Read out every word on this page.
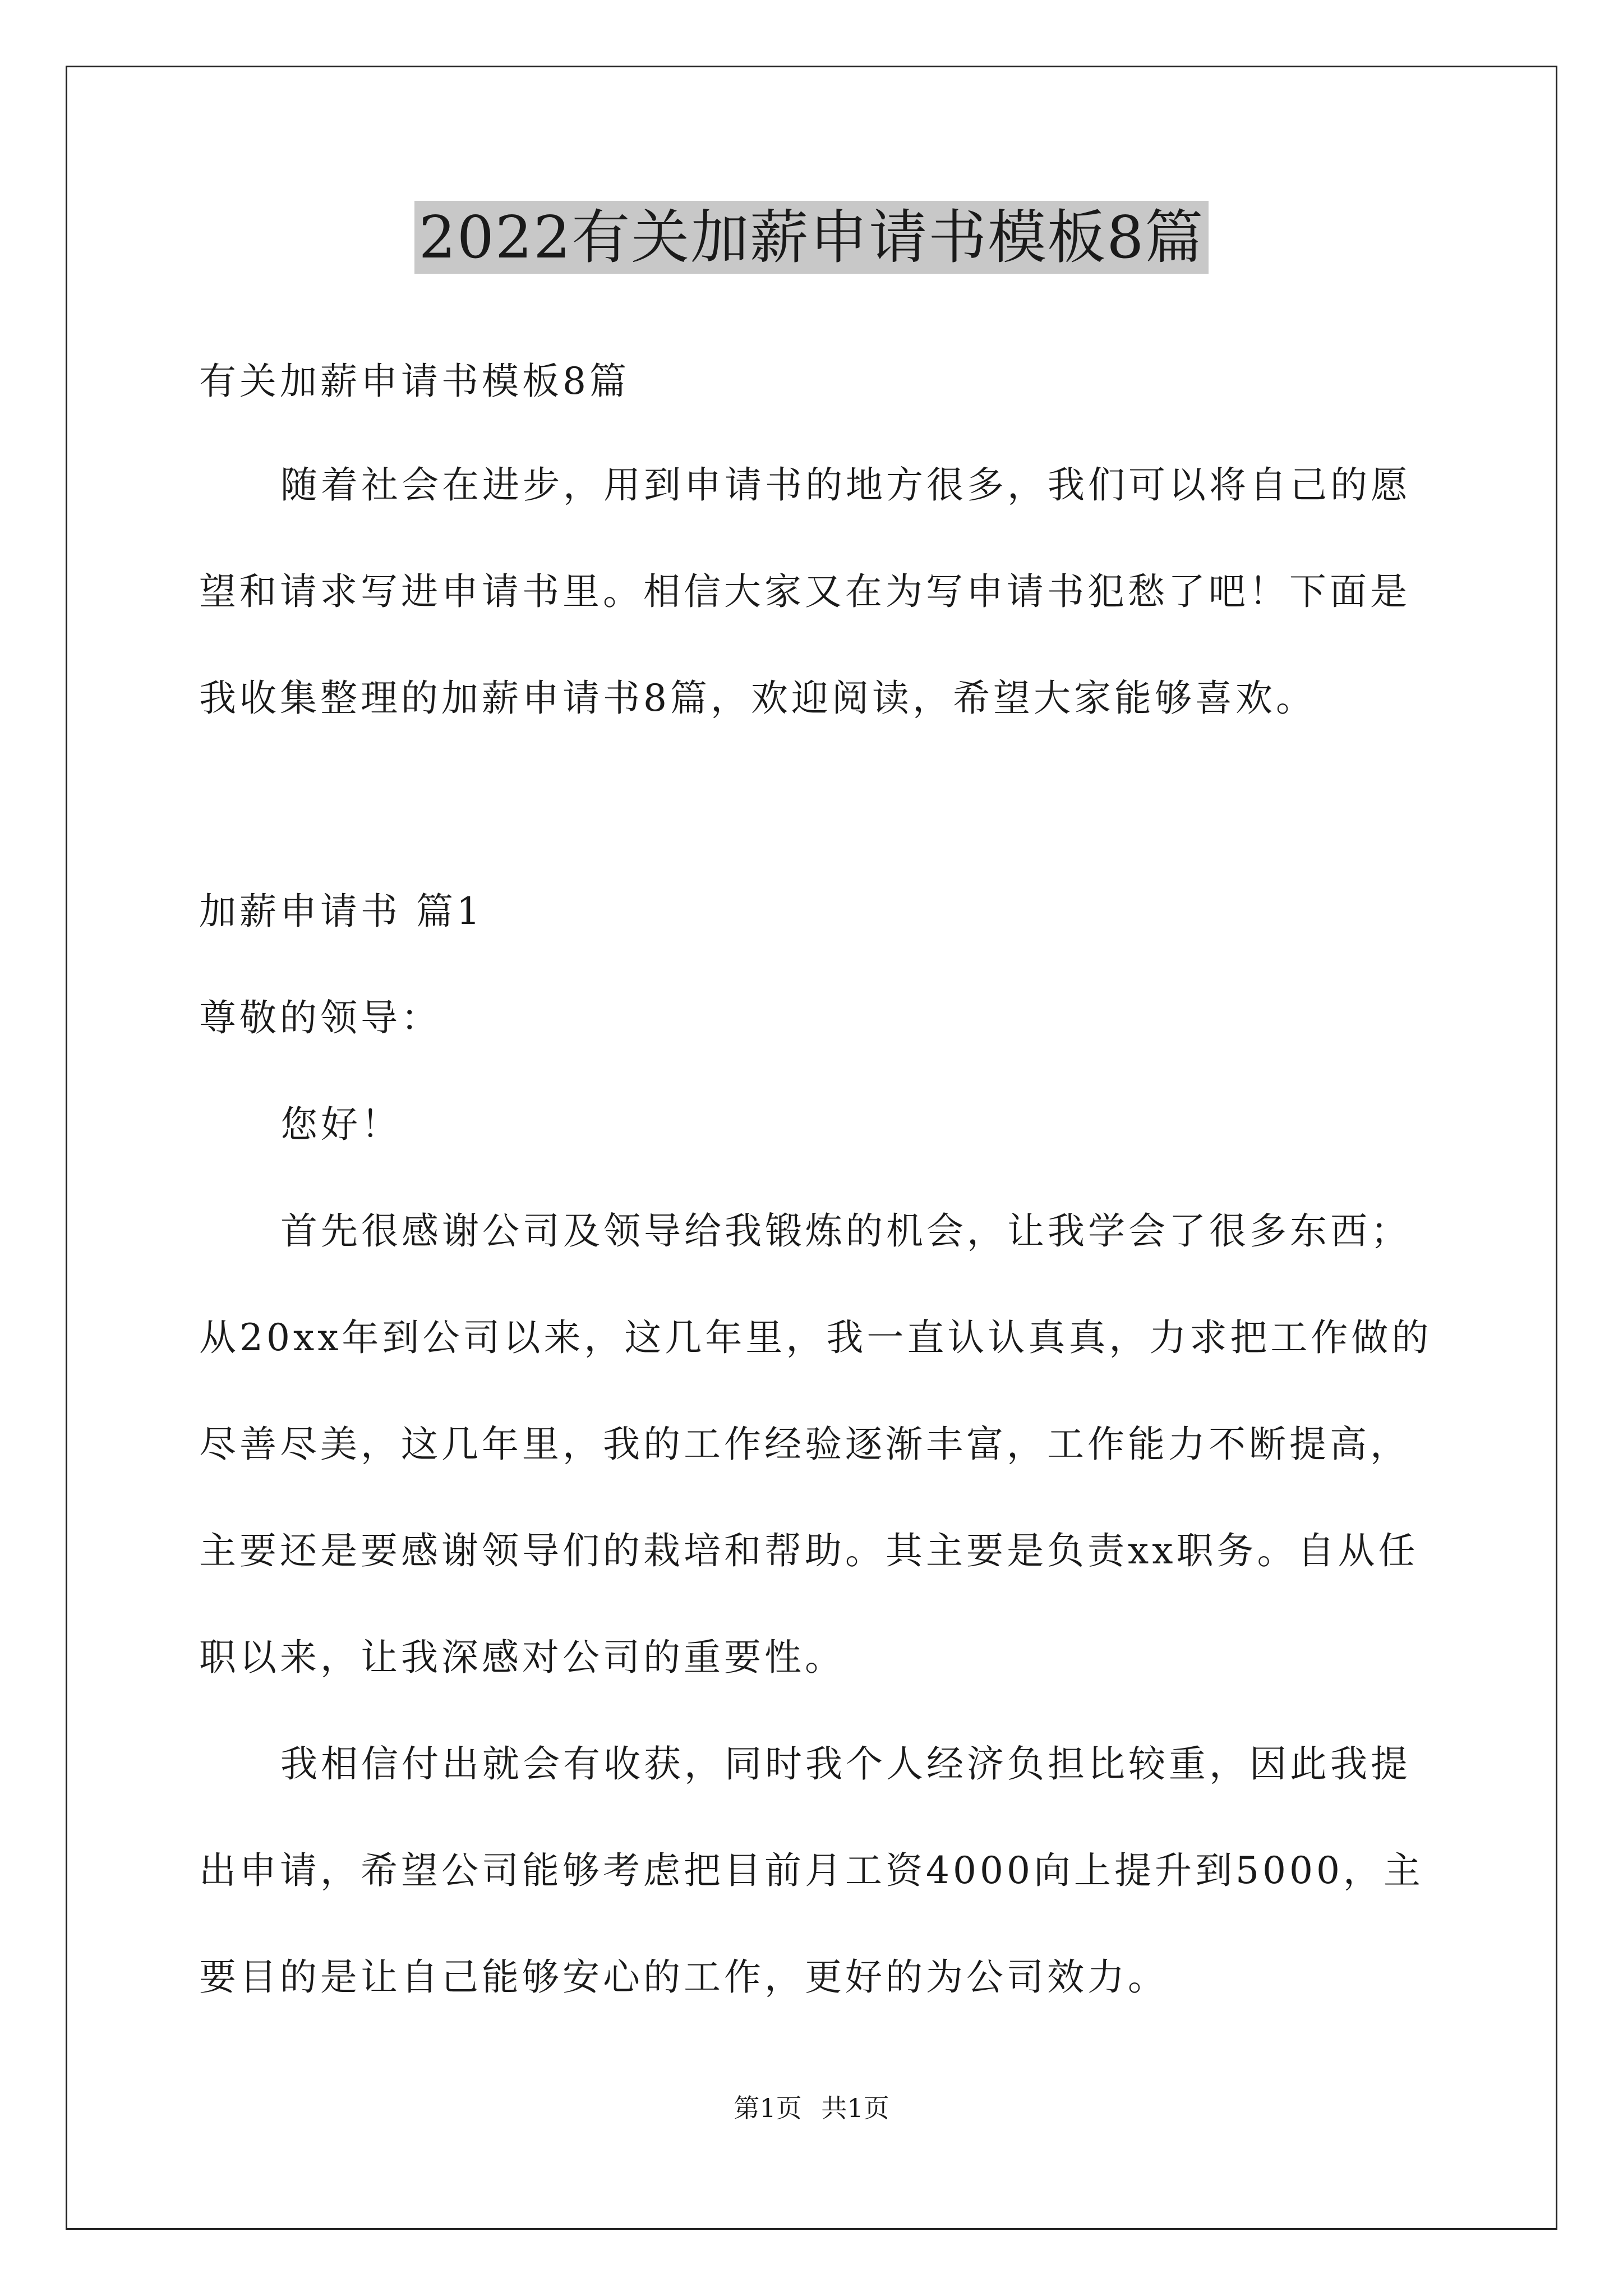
2022有关加薪申请书模板8篇
有关加薪申请书模板8篇
随着社会在进步，用到申请书的地方很多，我们可以将自己的愿
望和请求写进申请书里。相信大家又在为写申请书犯愁了吧！下面是
我收集整理的加薪申请书8篇，欢迎阅读，希望大家能够喜欢。
加薪申请书 篇1
尊敬的领导：
您好！
首先很感谢公司及领导给我锻炼的机会，让我学会了很多东西；
从20xx年到公司以来，这几年里，我一直认认真真，力求把工作做的
尽善尽美，这几年里，我的工作经验逐渐丰富，工作能力不断提高，
主要还是要感谢领导们的栽培和帮助。其主要是负责xx职务。自从任
职以来，让我深感对公司的重要性。
我相信付出就会有收获，同时我个人经济负担比较重，因此我提
出申请，希望公司能够考虑把目前月工资4000向上提升到5000，主
要目的是让自己能够安心的工作，更好的为公司效力。
第1页 共1页
